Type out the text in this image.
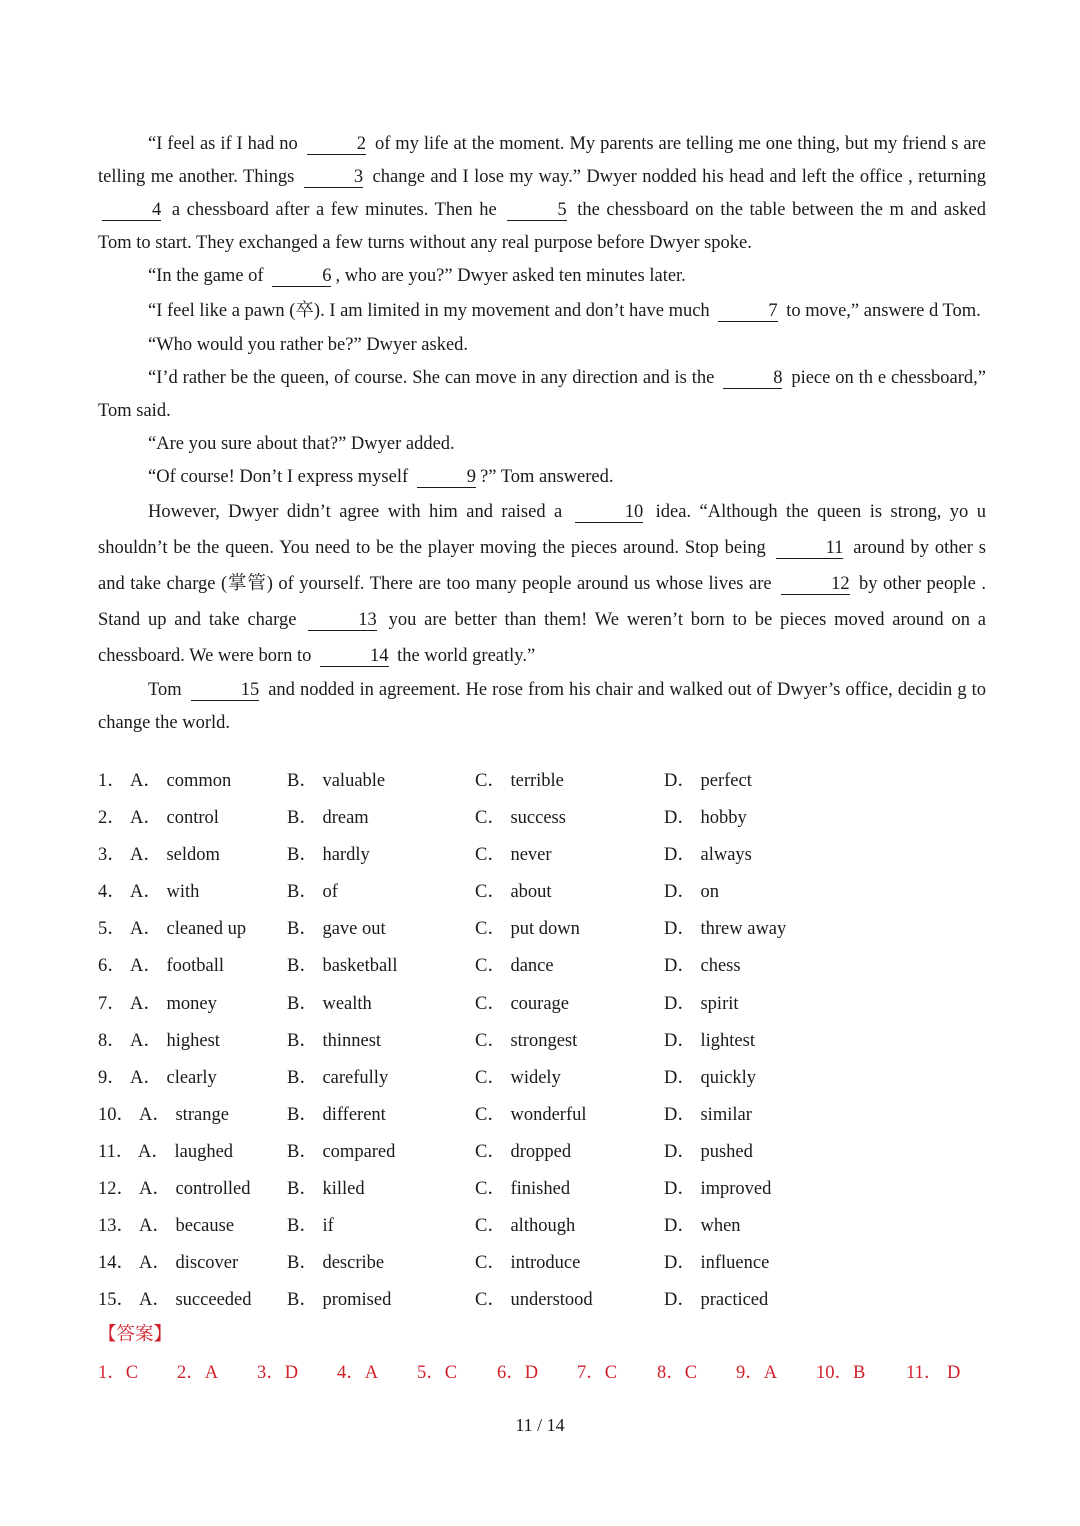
“I feel as if I had no	2 of my life at the moment. My parents are telling me one thing, but my friend s are telling me another. Things	3 change and I lose my way.” Dwyer nodded his head and left the office , returning 4 a chessboard after a few minutes. Then he	5 the chessboard on the table between the m and asked Tom to start. They exchanged a few turns without any real purpose before Dwyer spoke.

“In the game of	6 , who are you?” Dwyer asked ten minutes later.

“I feel like a pawn (卒). I am limited in my movement and don’t have much	7 to move,” answere d Tom.

“Who would you rather be?” Dwyer asked.

“I’d rather be the queen, of course. She can move in any direction and is the	8 piece on th e chessboard,” Tom said.

“Are you sure about that?” Dwyer added.

“Of course! Don’t I express myself	9 ?” Tom answered.

However, Dwyer didn’t agree with him and raised a	10 idea. “Although the queen is strong, yo u shouldn’t be the queen. You need to be the player moving the pieces around. Stop being	11 around by other s and take charge (掌管) of yourself. There are too many people around us whose lives are	12 by other people . Stand up and take charge	13 you are better than them! We weren’t born to be pieces moved around on a chessboard. We were born to	14 the world greatly.”

Tom	15 and nodded in agreement. He rose from his chair and walked out of Dwyer’s office, decidin g to change the world.

1． A． common	B． valuable	C． terrible	D． perfect
2． A． control	B． dream	C． success	D． hobby
3． A． seldom	B． hardly	C． never	D． always
4． A． with	B． of	C． about	D． on
5． A． cleaned up B． gave out	C． put down	D． threw away
6． A． football	B． basketball	C． dance	D． chess
7． A． money	B． wealth	C． courage	D． spirit
8． A． highest	B． thinnest	C． strongest	D． lightest
9． A． clearly	B． carefully	C． widely	D． quickly
10． A． strange	B． different	C． wonderful	D． similar
11． A． laughed	B． compared	C． dropped	D． pushed
12． A． controlled B． killed	C． finished	D． improved
13． A． because	B． if	C． although	D． when
14． A． discover	B． describe	C． introduce	D． influence
15． A． succeeded B． promised	C． understood	D． practiced
【答案】
1．C 2．A 3．D 4．A 5．C 6．D 7．C 8．C 9．A 10．B 11． D
11 / 14
